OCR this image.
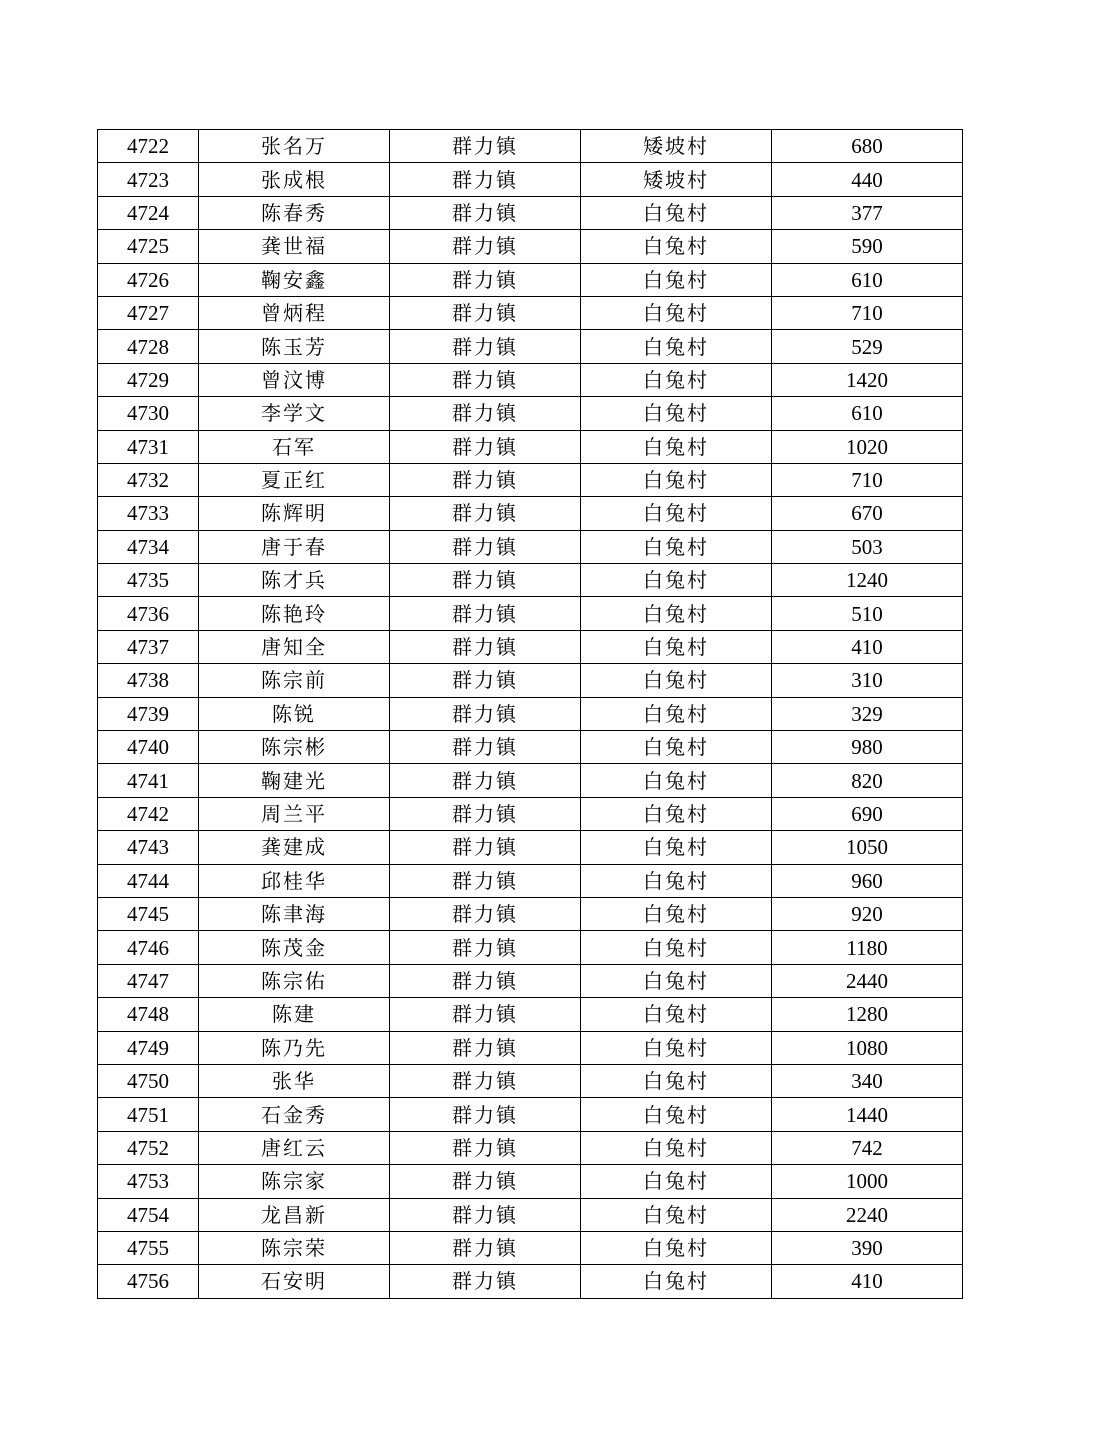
4722	张名万	群力镇	矮坡村	680
4723	张成根	群力镇	矮坡村	440
4724	陈春秀	群力镇	白兔村	377
4725	龚世福	群力镇	白兔村	590
4726	鞠安鑫	群力镇	白兔村	610
4727	曾炳程	群力镇	白兔村	710
4728	陈玉芳	群力镇	白兔村	529
4729	曾汶博	群力镇	白兔村	1420
4730	李学文	群力镇	白兔村	610
4731	石军	群力镇	白兔村	1020
4732	夏正红	群力镇	白兔村	710
4733	陈辉明	群力镇	白兔村	670
4734	唐于春	群力镇	白兔村	503
4735	陈才兵	群力镇	白兔村	1240
4736	陈艳玲	群力镇	白兔村	510
4737	唐知全	群力镇	白兔村	410
4738	陈宗前	群力镇	白兔村	310
4739	陈锐	群力镇	白兔村	329
4740	陈宗彬	群力镇	白兔村	980
4741	鞠建光	群力镇	白兔村	820
4742	周兰平	群力镇	白兔村	690
4743	龚建成	群力镇	白兔村	1050
4744	邱桂华	群力镇	白兔村	960
4745	陈聿海	群力镇	白兔村	920
4746	陈茂金	群力镇	白兔村	1180
4747	陈宗佑	群力镇	白兔村	2440
4748	陈建	群力镇	白兔村	1280
4749	陈乃先	群力镇	白兔村	1080
4750	张华	群力镇	白兔村	340
4751	石金秀	群力镇	白兔村	1440
4752	唐红云	群力镇	白兔村	742
4753	陈宗家	群力镇	白兔村	1000
4754	龙昌新	群力镇	白兔村	2240
4755	陈宗荣	群力镇	白兔村	390
4756	石安明	群力镇	白兔村	410
